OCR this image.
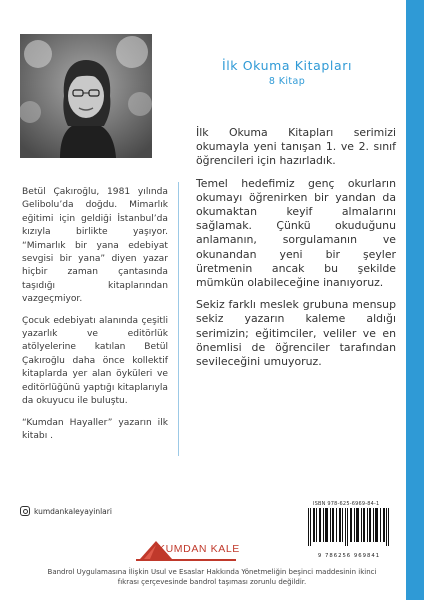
Betül Çakıroğlu, 1981 yılında Gelibolu’da doğdu. Mimarlık eğitimi için geldiği İstanbul’da kızıyla birlikte yaşıyor. “Mimarlık bir yana edebiyat sevgisi bir yana” diyen yazar hiçbir zaman çantasında taşıdığı kitaplarından vazgeçmiyor.

Çocuk edebiyatı alanında çeşitli yazarlık ve editörlük atölyelerine katılan Betül Çakıroğlu daha önce kollektif kitaplarda yer alan öyküleri ve editörlüğünü yaptığı kitaplarıyla da okuyucu ile buluştu.

“Kumdan Hayaller” yazarın ilk kitabı .

İlk Okuma Kitapları
8 Kitap

İlk Okuma Kitapları serimizi okumayla yeni tanışan 1. ve 2. sınıf öğrencileri için hazırladık.

Temel hedefimiz genç okurların okumayı öğrenirken bir yandan da okumaktan keyif almalarını sağlamak. Çünkü okuduğunu anlamanın, sorgulamanın ve okunandan yeni bir şeyler üretmenin ancak bu şekilde mümkün olabileceğine inanıyoruz.

Sekiz farklı meslek grubuna mensup sekiz yazarın kaleme aldığı serimizin; eğitimciler, veliler ve en önemlisi de öğrenciler tarafından sevileceğini umuyoruz.

kumdankaleyayinlari
KUMDAN KALE
ISBN 978-625-6969-84-1
9 786256 969841
Bandrol Uygulamasına İlişkin Usul ve Esaslar Hakkında Yönetmeliğin beşinci maddesinin ikinci
fıkrası çerçevesinde bandrol taşıması zorunlu değildir.
